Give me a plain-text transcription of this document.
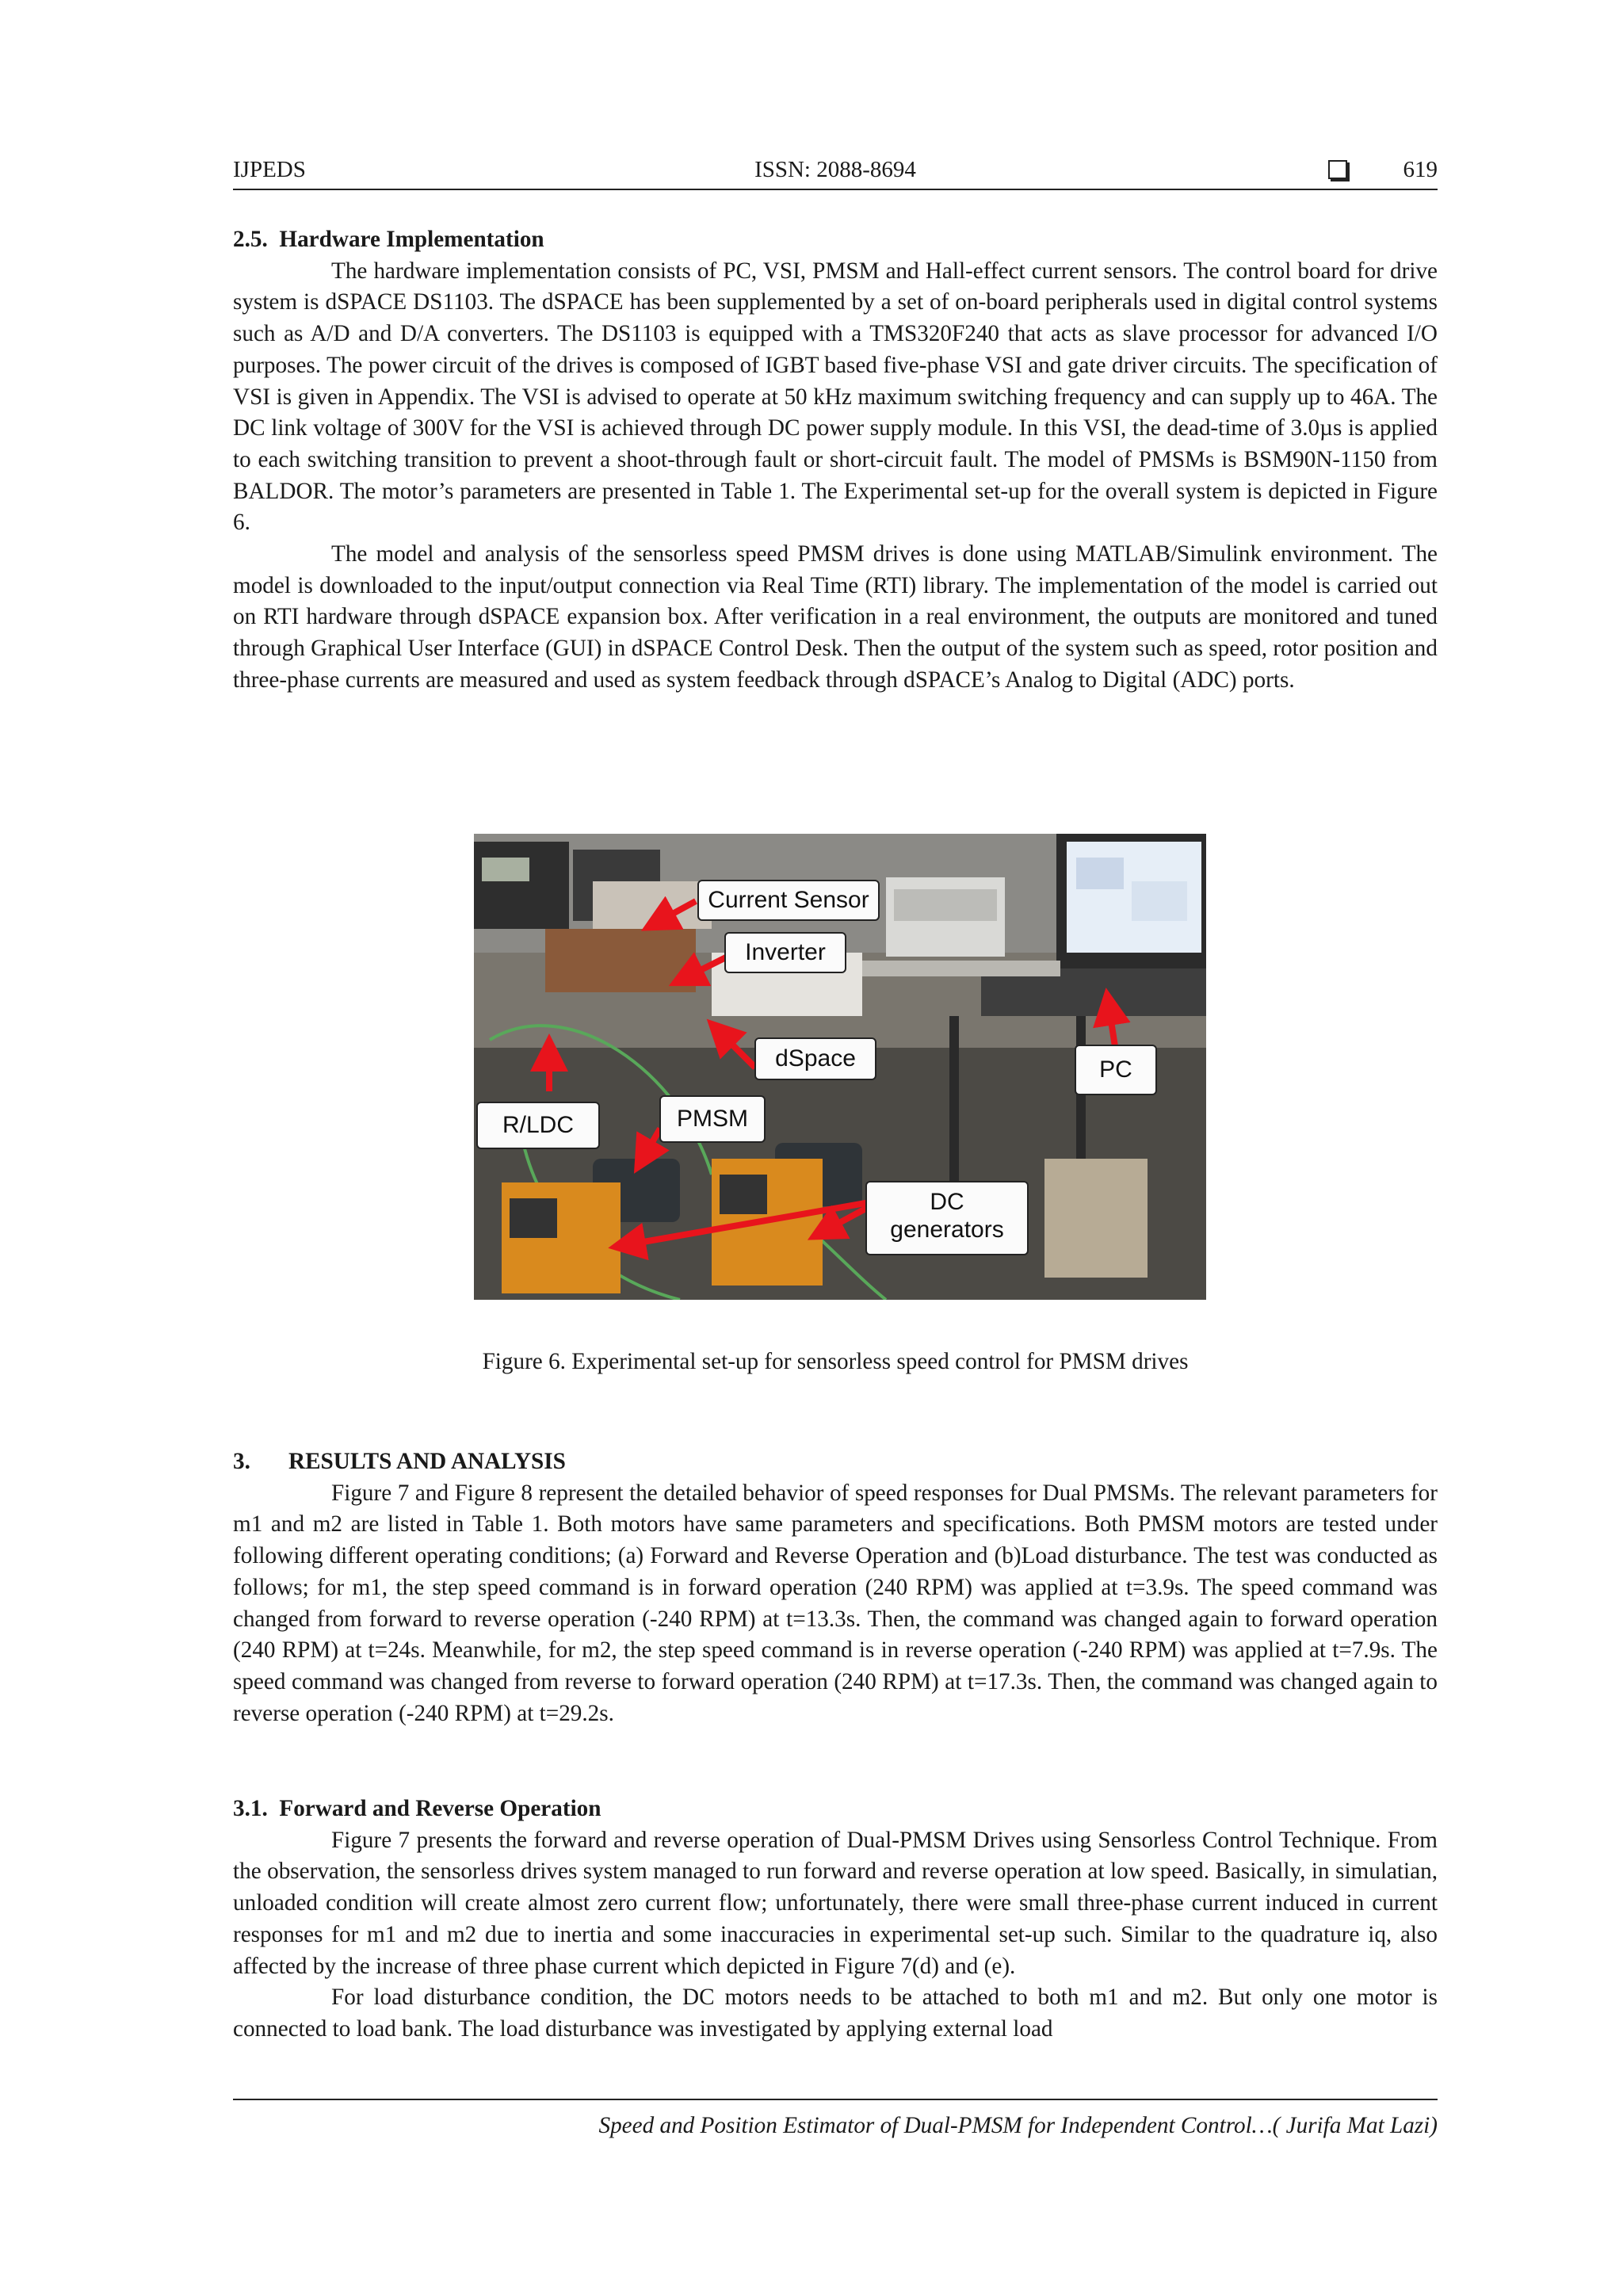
IJPEDS	ISSN: 2088-8694	619
2.5. Hardware Implementation

The hardware implementation consists of PC, VSI, PMSM and Hall-effect current sensors. The control board for drive system is dSPACE DS1103. The dSPACE has been supplemented by a set of on-board peripherals used in digital control systems such as A/D and D/A converters. The DS1103 is equipped with a TMS320F240 that acts as slave processor for advanced I/O purposes. The power circuit of the drives is composed of IGBT based five-phase VSI and gate driver circuits. The specification of VSI is given in Appendix. The VSI is advised to operate at 50 kHz maximum switching frequency and can supply up to 46A. The DC link voltage of 300V for the VSI is achieved through DC power supply module. In this VSI, the dead-time of 3.0µs is applied to each switching transition to prevent a shoot-through fault or short-circuit fault. The model of PMSMs is BSM90N-1150 from BALDOR. The motor’s parameters are presented in Table 1. The Experimental set-up for the overall system is depicted in Figure 6.

The model and analysis of the sensorless speed PMSM drives is done using MATLAB/Simulink environment. The model is downloaded to the input/output connection via Real Time (RTI) library. The implementation of the model is carried out on RTI hardware through dSPACE expansion box. After verification in a real environment, the outputs are monitored and tuned through Graphical User Interface (GUI) in dSPACE Control Desk. Then the output of the system such as speed, rotor position and three-phase currents are measured and used as system feedback through dSPACE’s Analog to Digital (ADC) ports.

Current Sensor
Inverter
dSpace	PC
R/LDC	PMSM
DC
generators
Figure 6. Experimental set-up for sensorless speed control for PMSM drives
3. RESULTS AND ANALYSIS

Figure 7 and Figure 8 represent the detailed behavior of speed responses for Dual PMSMs. The relevant parameters for m1 and m2 are listed in Table 1. Both motors have same parameters and specifications. Both PMSM motors are tested under following different operating conditions; (a) Forward and Reverse Operation and (b)Load disturbance. The test was conducted as follows; for m1, the step speed command is in forward operation (240 RPM) was applied at t=3.9s. The speed command was changed from forward to reverse operation (-240 RPM) at t=13.3s. Then, the command was changed again to forward operation (240 RPM) at t=24s. Meanwhile, for m2, the step speed command is in reverse operation (-240 RPM) was applied at t=7.9s. The speed command was changed from reverse to forward operation (240 RPM) at t=17.3s. Then, the command was changed again to reverse operation (-240 RPM) at t=29.2s.

3.1. Forward and Reverse Operation

Figure 7 presents the forward and reverse operation of Dual-PMSM Drives using Sensorless Control Technique. From the observation, the sensorless drives system managed to run forward and reverse operation at low speed. Basically, in simulatian, unloaded condition will create almost zero current flow; unfortunately, there were small three-phase current induced in current responses for m1 and m2 due to inertia and some inaccuracies in experimental set-up such. Similar to the quadrature iq, also affected by the increase of three phase current which depicted in Figure 7(d) and (e).

For load disturbance condition, the DC motors needs to be attached to both m1 and m2. But only one motor is connected to load bank. The load disturbance was investigated by applying external load

Speed and Position Estimator of Dual-PMSM for Independent Control…( Jurifa Mat Lazi)
